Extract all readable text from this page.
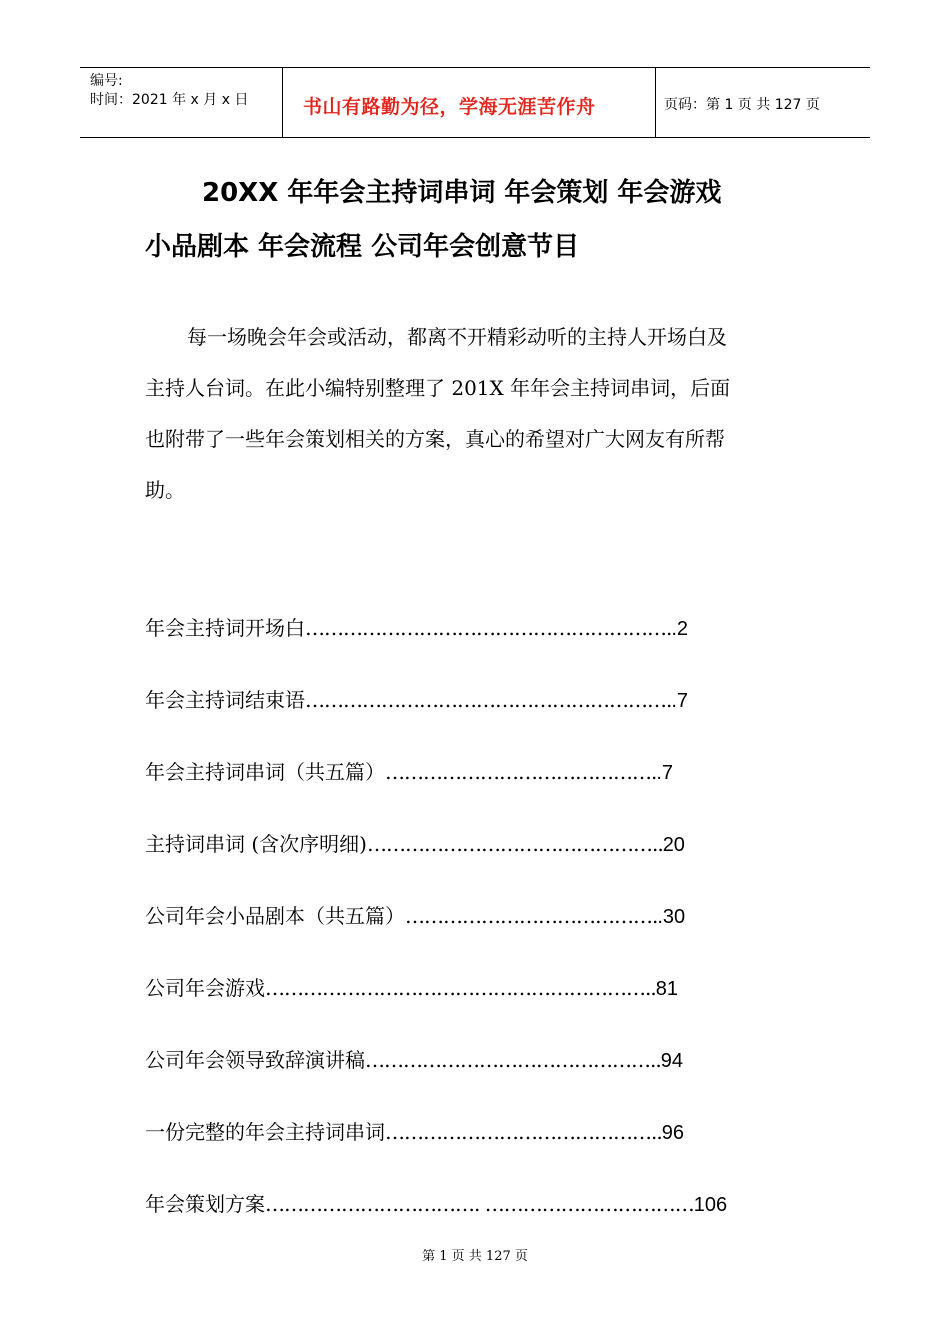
编号:
时间：2021 年 x 月 x 日	书山有路勤为径，学海无涯苦作舟	页码：第 1 页 共 127 页
20XX 年年会主持词串词 年会策划 年会游戏
小品剧本 年会流程 公司年会创意节目
每一场晚会年会或活动，都离不开精彩动听的主持人开场白及
主持人台词。在此小编特别整理了 201X 年年会主持词串词，后面
也附带了一些年会策划相关的方案，真心的希望对广大网友有所帮
助。
年会主持词开场白…………………………………………………..2
年会主持词结束语…………………………………………………..7
年会主持词串词（共五篇）……………………………………..7
主持词串词 (含次序明细)………………………………………..20
公司年会小品剧本（共五篇）…………………………………..30
公司年会游戏……………………………………………………..81
公司年会领导致辞演讲稿………………………………………..94
一份完整的年会主持词串词……………………………………..96
年会策划方案……………………………. ……………………………106
第 1 页 共 127 页
